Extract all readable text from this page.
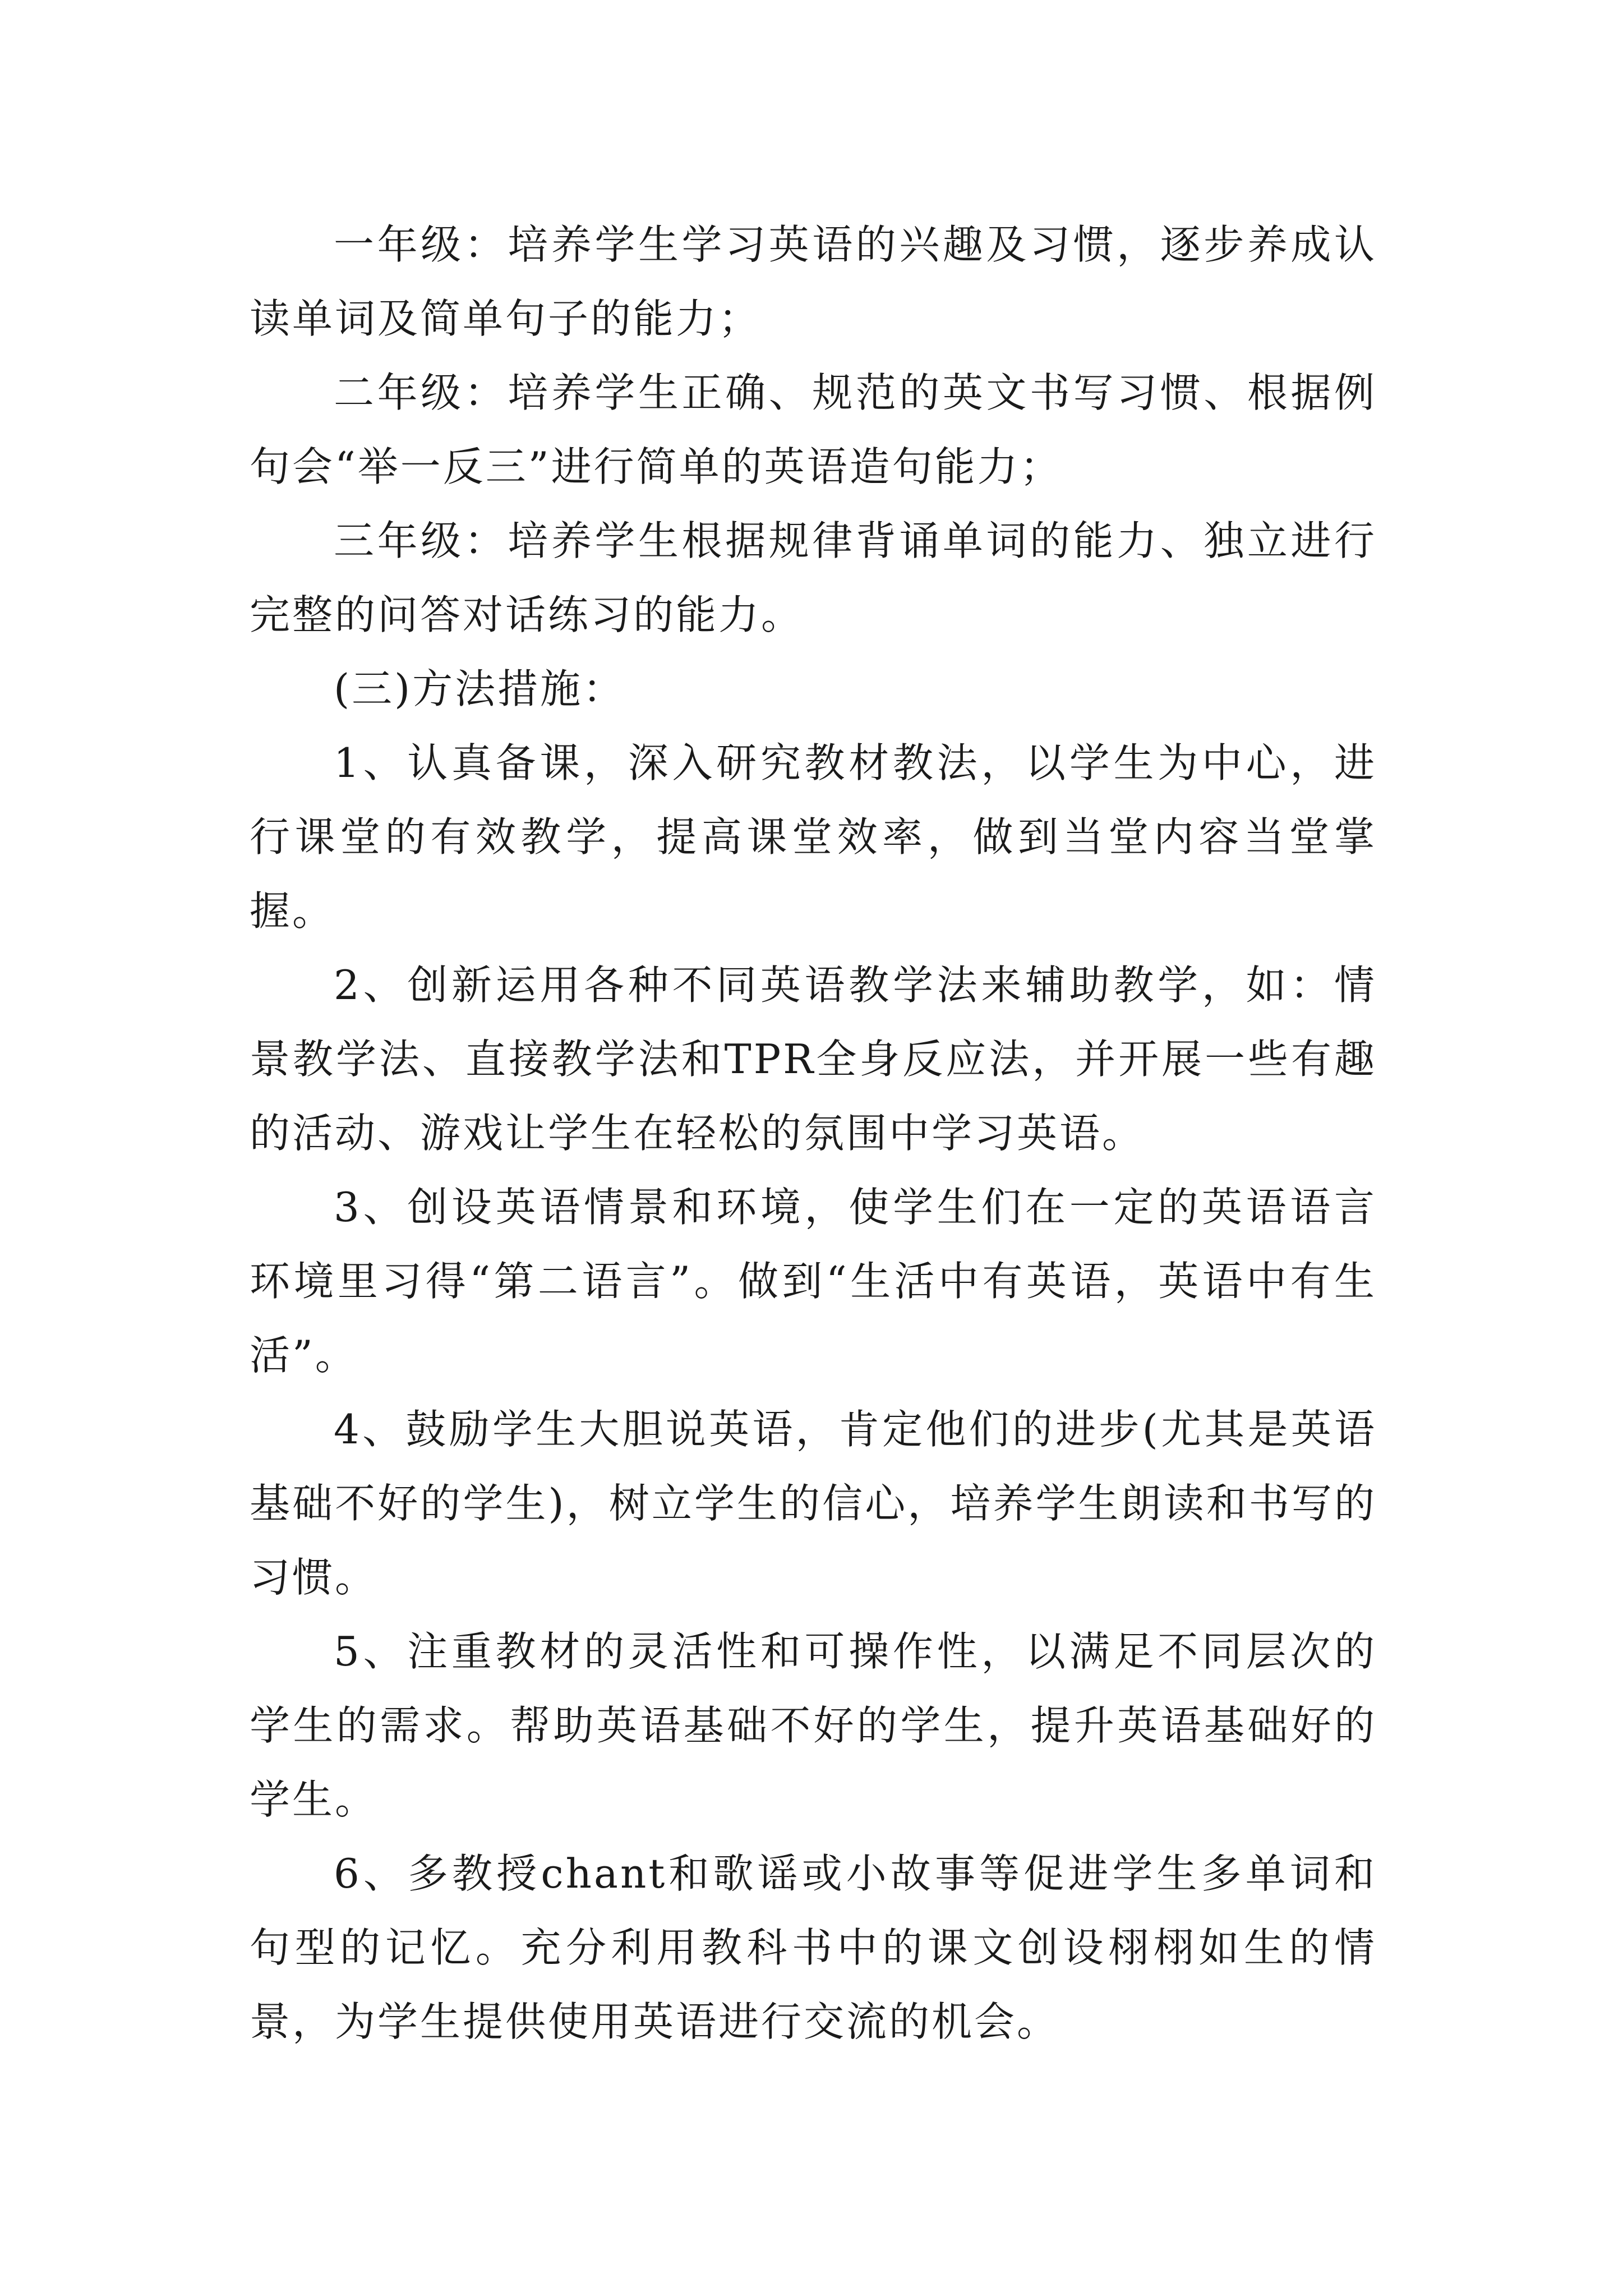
一年级：培养学生学习英语的兴趣及习惯，逐步养成认读单词及简单句子的能力；

二年级：培养学生正确、规范的英文书写习惯、根据例句会“举一反三”进行简单的英语造句能力；

三年级：培养学生根据规律背诵单词的能力、独立进行完整的问答对话练习的能力。

(三)方法措施：

1、认真备课，深入研究教材教法，以学生为中心，进行课堂的有效教学，提高课堂效率，做到当堂内容当堂掌握。

2、创新运用各种不同英语教学法来辅助教学，如：情景教学法、直接教学法和TPR全身反应法，并开展一些有趣的活动、游戏让学生在轻松的氛围中学习英语。

3、创设英语情景和环境，使学生们在一定的英语语言环境里习得“第二语言”。做到“生活中有英语，英语中有生活”。

4、鼓励学生大胆说英语，肯定他们的进步(尤其是英语基础不好的学生)，树立学生的信心，培养学生朗读和书写的习惯。

5、注重教材的灵活性和可操作性，以满足不同层次的学生的需求。帮助英语基础不好的学生，提升英语基础好的学生。

6、多教授chant和歌谣或小故事等促进学生多单词和句型的记忆。充分利用教科书中的课文创设栩栩如生的情景，为学生提供使用英语进行交流的机会。
